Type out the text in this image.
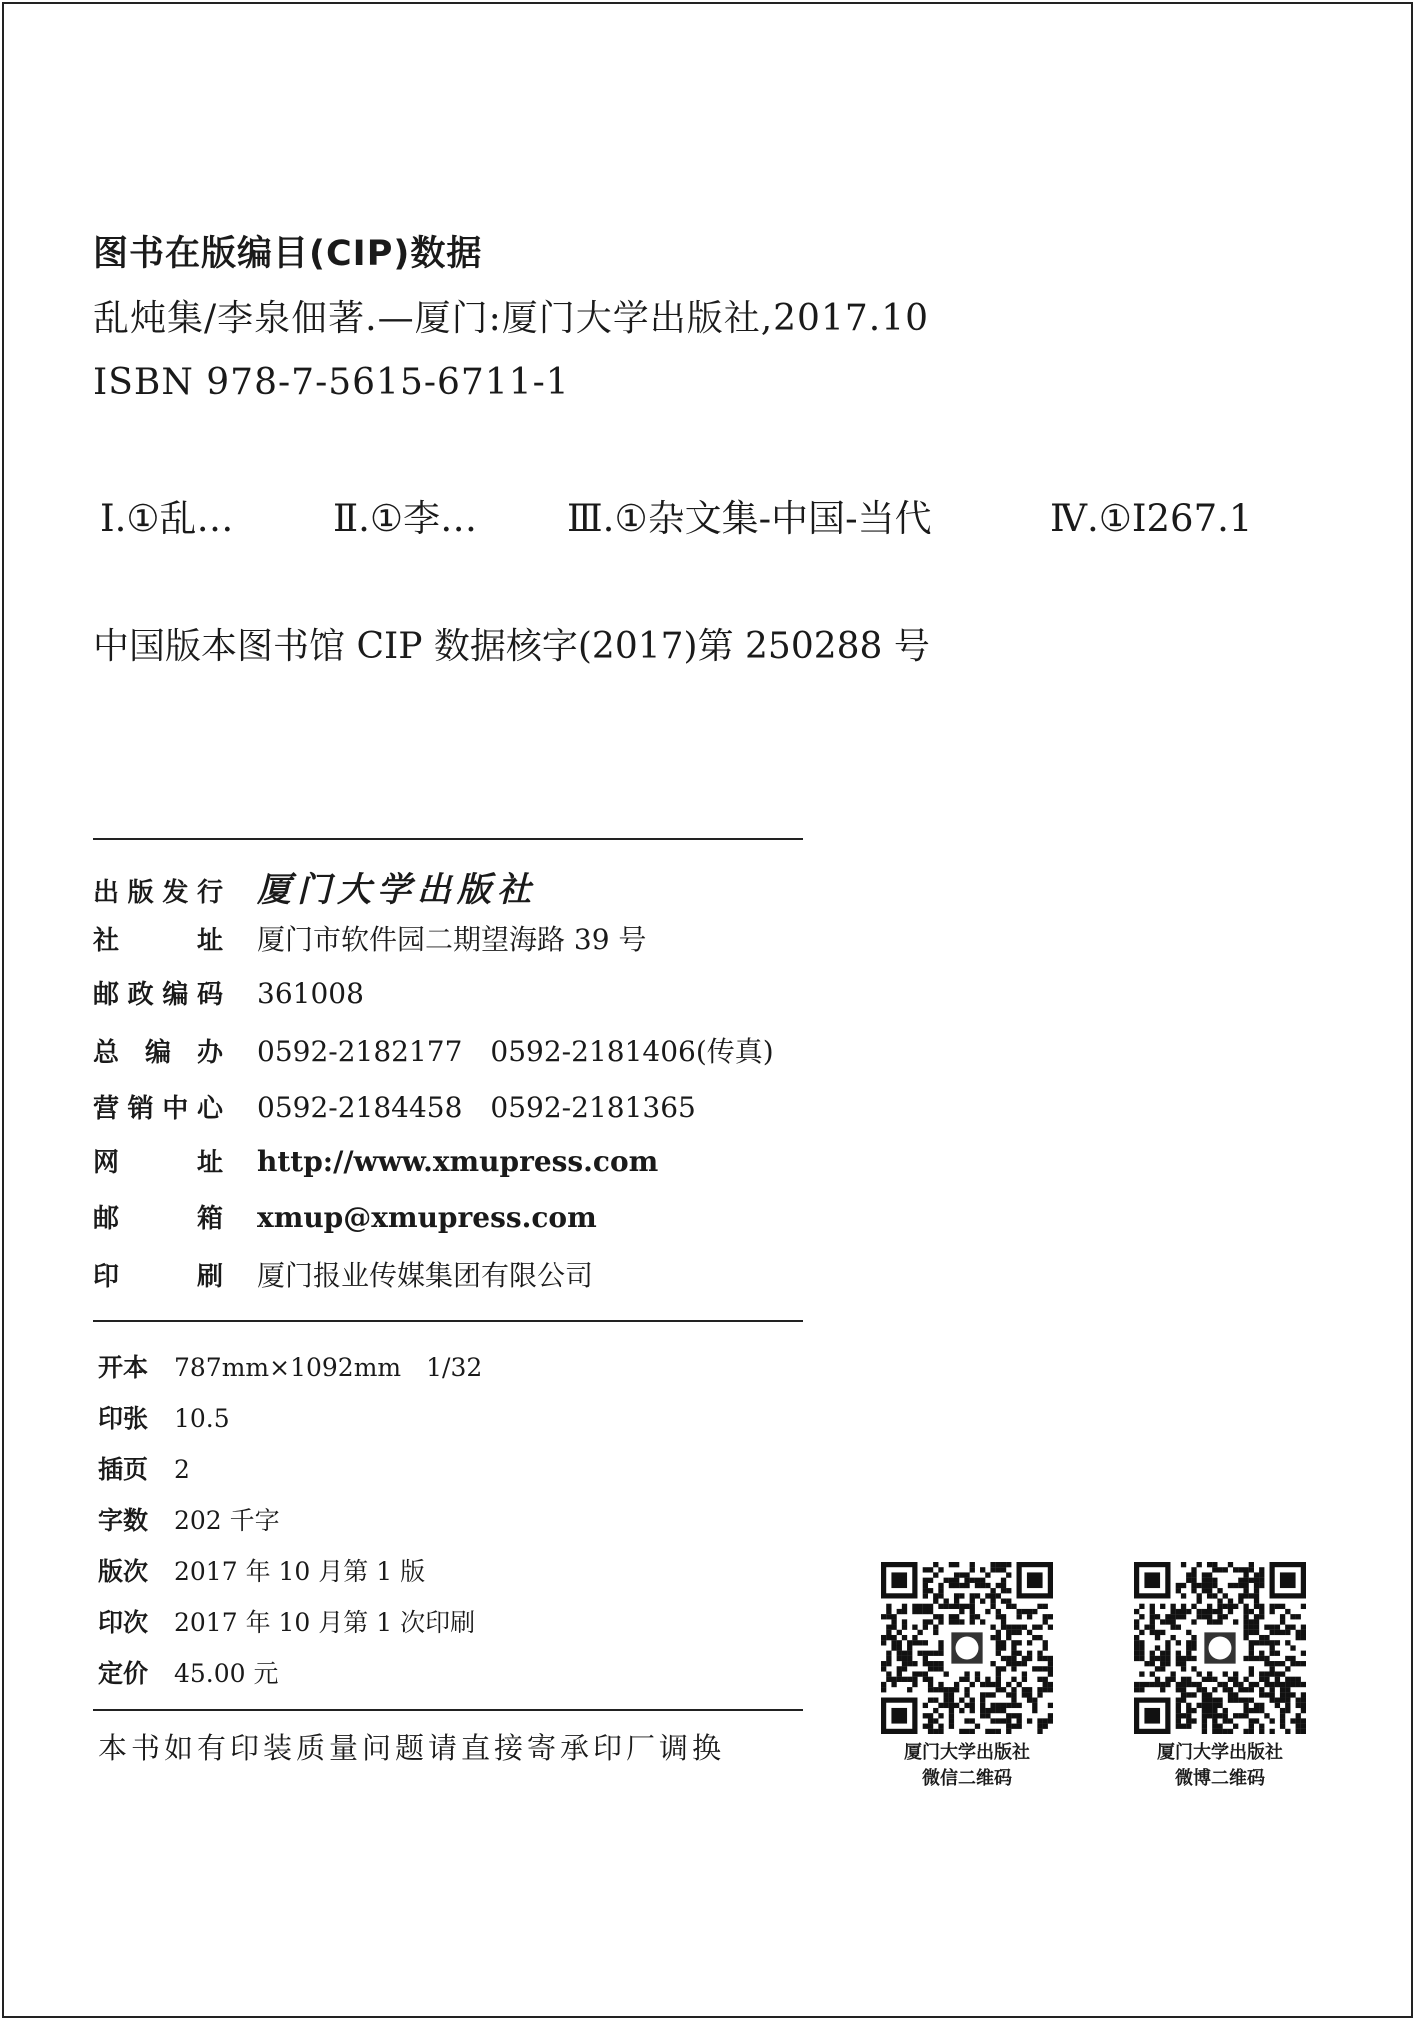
图书在版编目(CIP)数据
乱炖集/李泉佃著.—厦门:厦门大学出版社,2017.10
ISBN 978-7-5615-6711-1
Ⅰ.①乱…	Ⅱ.①李… Ⅲ.①杂文集-中国-当代	Ⅳ.①I267.1
中国版本图书馆 CIP 数据核字(2017)第 250288 号
出版发行 厦门大学出版社
社　　址 厦门市软件园二期望海路 39 号
邮政编码 361008
总 编 办 0592-2182177　0592-2181406(传真)
营销中心 0592-2184458　0592-2181365
网　　址 http://www.xmupress.com
邮　　箱 xmup@xmupress.com
印　　刷 厦门报业传媒集团有限公司
开本 787mm×1092mm　1/32
印张 10.5
插页 2
字数 202 千字
版次 2017 年 10 月第 1 版
印次 2017 年 10 月第 1 次印刷
定价 45.00 元
本书如有印装质量问题请直接寄承印厂调换	厦门大学出版社
微信二维码
厦门大学出版社
微博二维码
